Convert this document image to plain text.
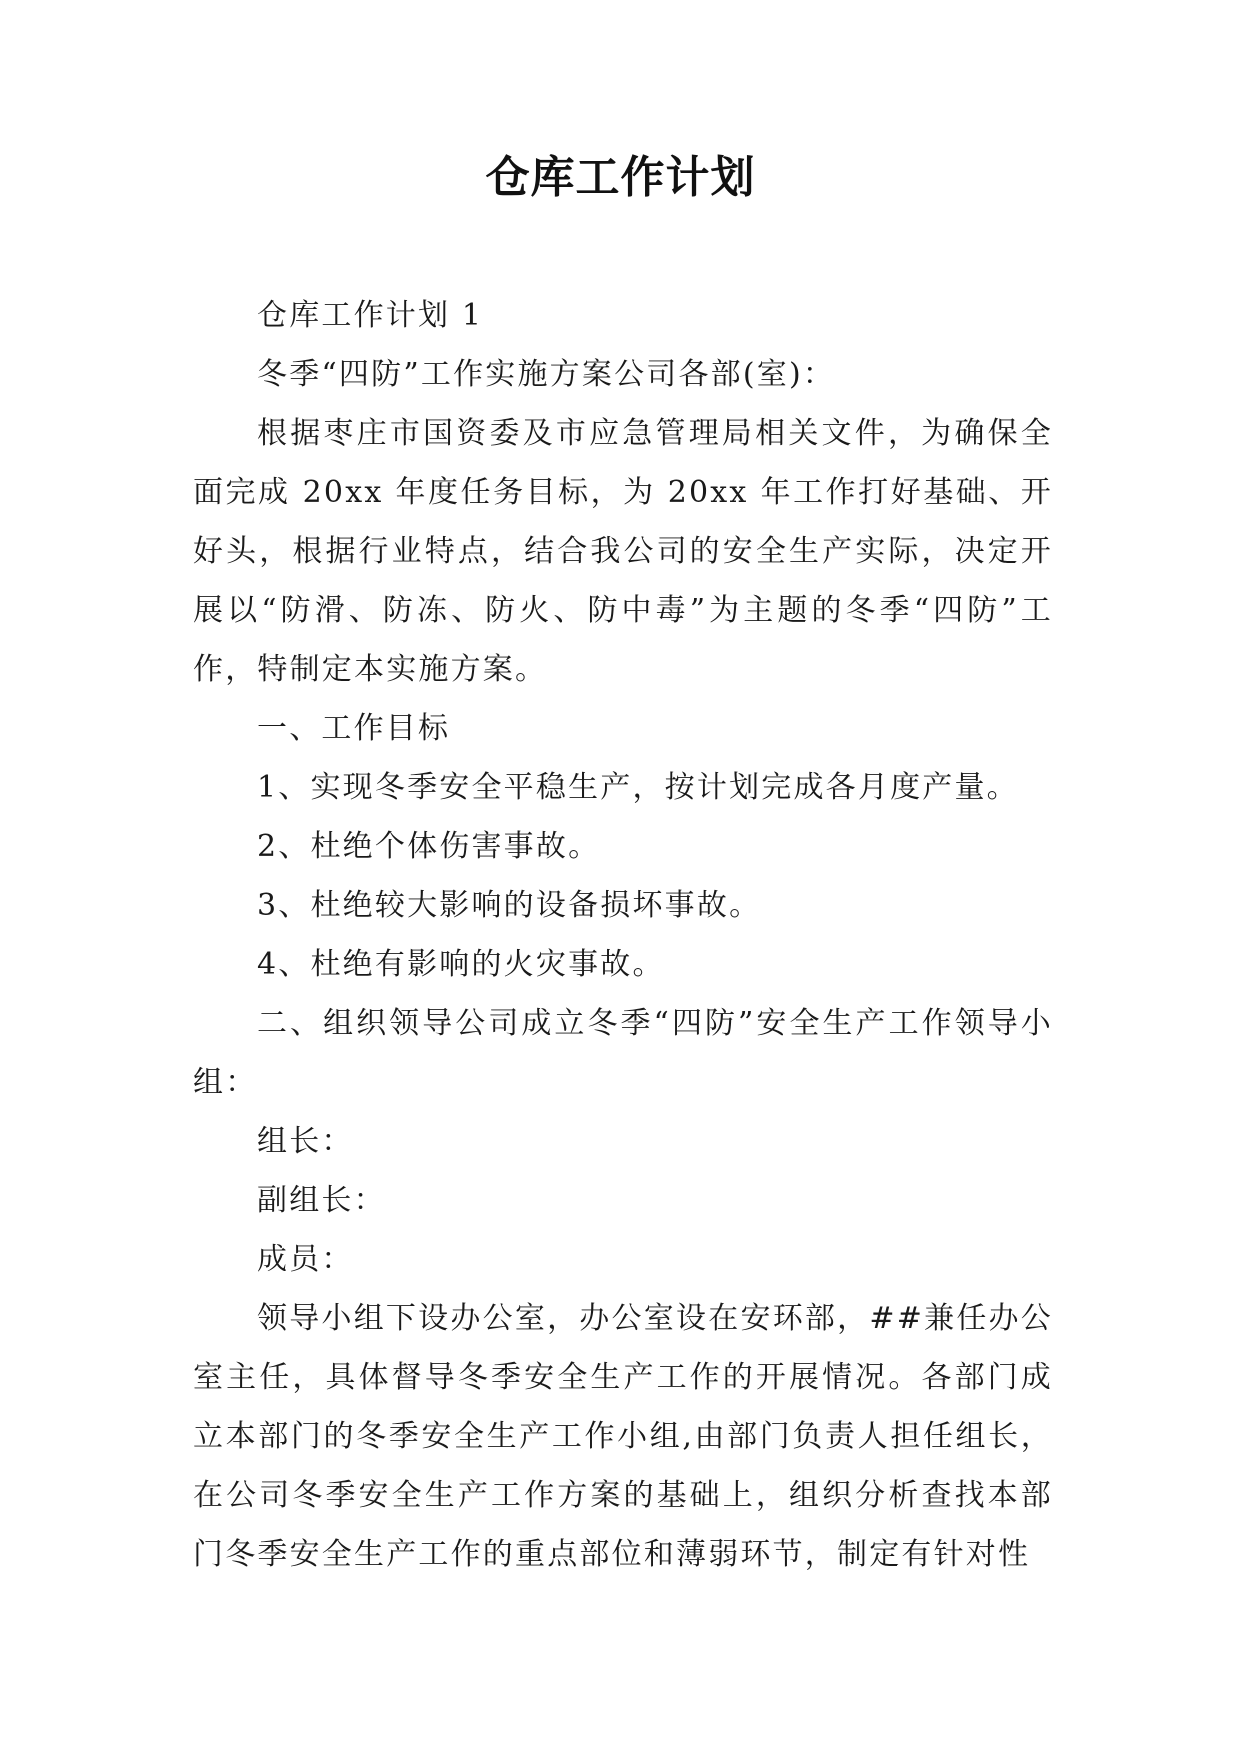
仓库工作计划

仓库工作计划 1

冬季“四防”工作实施方案公司各部(室)：

根据枣庄市国资委及市应急管理局相关文件，为确保全面完成 20xx 年度任务目标，为 20xx 年工作打好基础、开好头，根据行业特点，结合我公司的安全生产实际，决定开展以“防滑、防冻、防火、防中毒”为主题的冬季“四防”工作，特制定本实施方案。

一、工作目标

1、实现冬季安全平稳生产，按计划完成各月度产量。

2、杜绝个体伤害事故。

3、杜绝较大影响的设备损坏事故。

4、杜绝有影响的火灾事故。

二、组织领导公司成立冬季“四防”安全生产工作领导小组：

组长：

副组长：

成员：

领导小组下设办公室，办公室设在安环部，##兼任办公室主任，具体督导冬季安全生产工作的开展情况。各部门成立本部门的冬季安全生产工作小组,由部门负责人担任组长，在公司冬季安全生产工作方案的基础上，组织分析查找本部门冬季安全生产工作的重点部位和薄弱环节，制定有针对性
